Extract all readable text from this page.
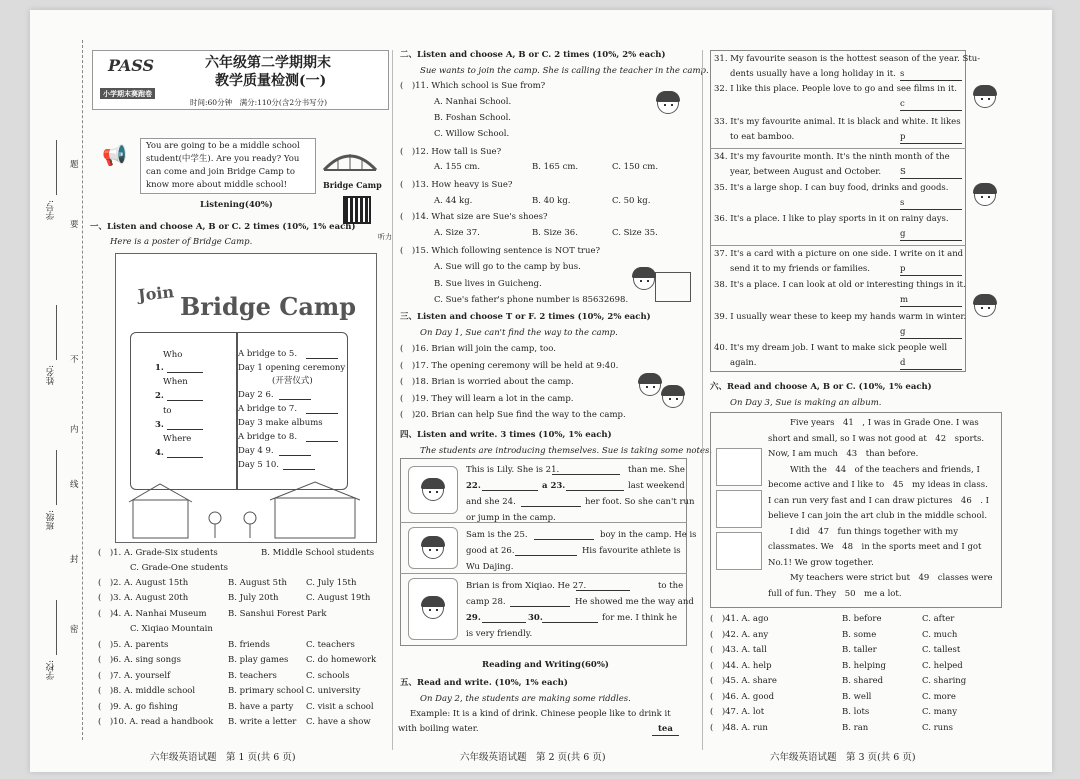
学号:
姓名:
班级:
学校:
题
要
不
内
线
封
密
PASS
小学期末赛跑卷
六年级第二学期期末
教学质量检测(一)
时间:60分钟　满分:110分(含2分书写分)
You are going to be a middle school
student(中学生). Are you ready? You
can come and join Bridge Camp to
know more about middle school!
📢
Bridge Camp
听力
Listening(40%)
一、Listen and choose A, B or C. 2 times (10%, 1% each)
Here is a poster of Bridge Camp.
Join Bridge Camp
Who
1.
When
2.
to
3.
Where
4.
A bridge to 5.
Day 1 opening ceremony
(开营仪式)
Day 2 6.
A bridge to 7.
Day 3 make albums
A bridge to 8.
Day 4 9.
Day 5 10.
(　)1. A. Grade-Six students	B. Middle School students
C. Grade-One students
(　)2. A. August 15th	B. August 5th C. July 15th
(　)3. A. August 20th	B. July 20th	C. August 19th
(　)4. A. Nanhai Museum	B. Sanshui Forest Park
C. Xiqiao Mountain
(　)5. A. parents	B. friends	C. teachers
(　)6. A. sing songs	B. play games C. do homework
(　)7. A. yourself	B. teachers	C. schools
(　)8. A. middle school	B. primary school C. university
(　)9. A. go fishing	B. have a party C. visit a school
(　)10. A. read a handbook B. write a letter C. have a show
六年级英语试题　第 1 页(共 6 页)
二、Listen and choose A, B or C. 2 times (10%, 2% each)
Sue wants to join the camp. She is calling the teacher in the camp.
(　)11. Which school is Sue from?
A. Nanhai School.
B. Foshan School.
C. Willow School.
(　)12. How tall is Sue?
(　)13. How heavy is Sue?
(　)14. What size are Sue's shoes?
(　)15. Which following sentence is NOT true?
A. Sue will go to the camp by bus.
B. Sue lives in Guicheng.
C. Sue's father's phone number is 85632698.
A. 155 cm.	B. 165 cm.	C. 150 cm.
A. 44 kg.	B. 40 kg.	C. 50 kg.
A. Size 37.	B. Size 36.	C. Size 35.
三、Listen and choose T or F. 2 times (10%, 2% each)
On Day 1, Sue can't find the way to the camp.
(　)16. Brian will join the camp, too.
(　)17. The opening ceremony will be held at 9:40.
(　)18. Brian is worried about the camp.
(　)19. They will learn a lot in the camp.
(　)20. Brian can help Sue find the way to the camp.
四、Listen and write. 3 times (10%, 1% each)
The students are introducing themselves. Sue is taking some notes.
This is Lily. She is 21.	than me. She
22.	a 23.	last weekend
and she 24.	her foot. So she can't run
or jump in the camp.
Sam is the 25.	boy in the camp. He is
good at 26.	His favourite athlete is
Wu Dajing.
Brian is from Xiqiao. He 27.	to the
camp 28.	He showed me the way and
29.	30.	for me. I think he
is very friendly.
Reading and Writing(60%)
五、Read and write. (10%, 1% each)
On Day 2, the students are making some riddles.
Example: It is a kind of drink. Chinese people like to drink it
with boiling water.	tea
六年级英语试题　第 2 页(共 6 页)
31. My favourite season is the hottest season of the year. Stu-
dents usually have a long holiday in it. s
32. I like this place. People love to go and see films in it.
c
33. It's my favourite animal. It is black and white. It likes
to eat bamboo.	p
34. It's my favourite month. It's the ninth month of the
year, between August and October. S
35. It's a large shop. I can buy food, drinks and goods.
s
36. It's a place. I like to play sports in it on rainy days.
g
37. It's a card with a picture on one side. I write on it and
send it to my friends or families.	p
38. It's a place. I can look at old or interesting things in it.
m
39. I usually wear these to keep my hands warm in winter.
g
40. It's my dream job. I want to make sick people well
again.	d
六、Read and choose A, B or C. (10%, 1% each)
On Day 3, Sue is making an album.
Five years　41　, I was in Grade One. I was
short and small, so I was not good at　42　sports.
Now, I am much　43　than before.
With the　44　of the teachers and friends, I
become active and I like to　45　my ideas in class.
I can run very fast and I can draw pictures　46　. I
believe I can join the art club in the middle school.
I did　47　fun things together with my
classmates. We　48　in the sports meet and I got
No.1! We grow together.
My teachers were strict but　49　classes were
full of fun. They　50　me a lot.
(　)41. A. ago	B. before	C. after
(　)42. A. any	B. some	C. much
(　)43. A. tall	B. taller	C. tallest
(　)44. A. help	B. helping	C. helped
(　)45. A. share	B. shared	C. sharing
(　)46. A. good	B. well	C. more
(　)47. A. lot	B. lots	C. many
(　)48. A. run	B. ran	C. runs
六年级英语试题　第 3 页(共 6 页)
